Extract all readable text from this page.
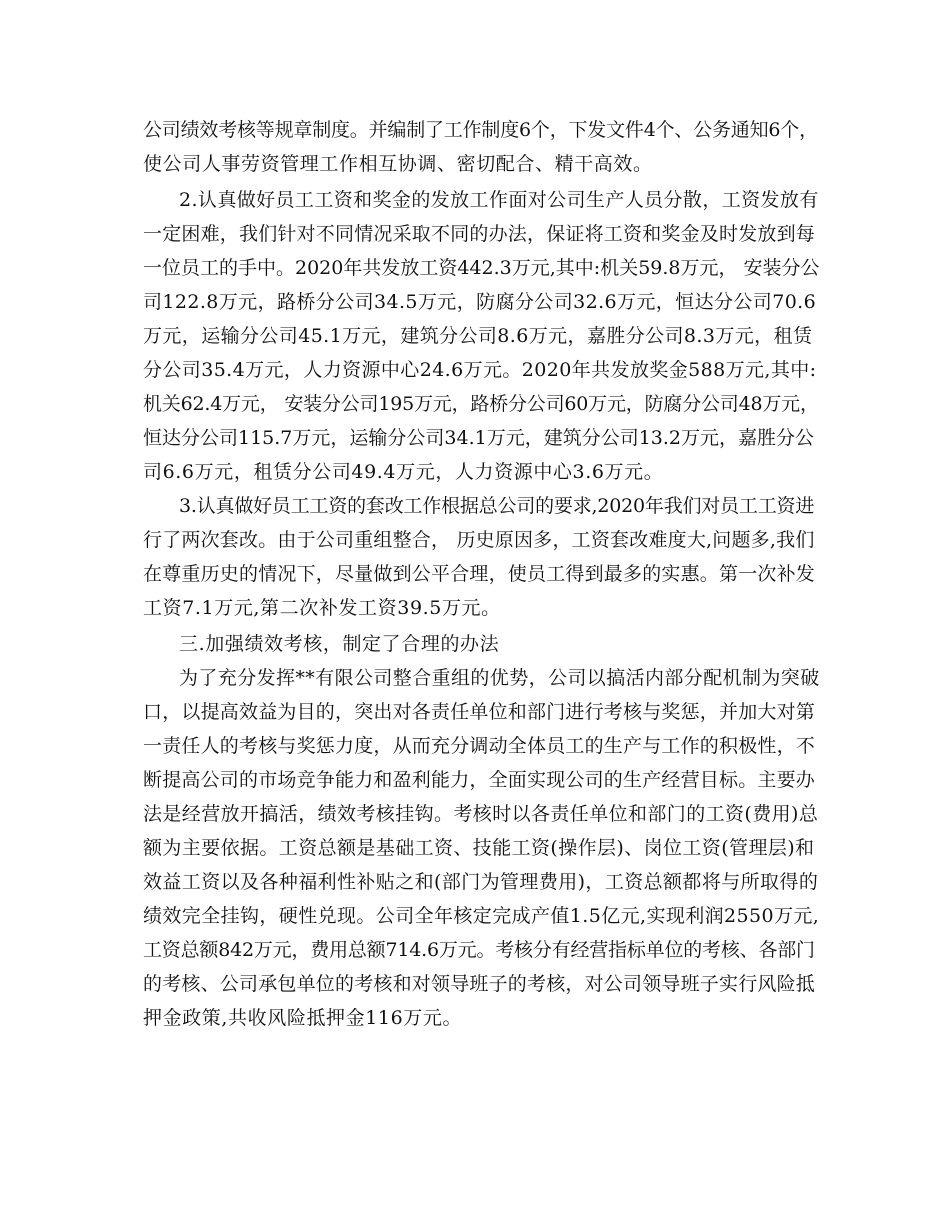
公司绩效考核等规章制度。并编制了工作制度6个，下发文件4个、公务通知6个，
使公司人事劳资管理工作相互协调、密切配合、精干高效。
2.认真做好员工工资和奖金的发放工作面对公司生产人员分散，工资发放有
一定困难，我们针对不同情况采取不同的办法，保证将工资和奖金及时发放到每
一位员工的手中。2020年共发放工资442.3万元,其中:机关59.8万元， 安装分公
司122.8万元，路桥分公司34.5万元，防腐分公司32.6万元，恒达分公司70.6
万元，运输分公司45.1万元，建筑分公司8.6万元，嘉胜分公司8.3万元，租赁
分公司35.4万元，人力资源中心24.6万元。2020年共发放奖金588万元,其中:
机关62.4万元， 安装分公司195万元，路桥分公司60万元，防腐分公司48万元，
恒达分公司115.7万元，运输分公司34.1万元，建筑分公司13.2万元，嘉胜分公
司6.6万元，租赁分公司49.4万元，人力资源中心3.6万元。
3.认真做好员工工资的套改工作根据总公司的要求,2020年我们对员工工资进
行了两次套改。由于公司重组整合， 历史原因多，工资套改难度大,问题多,我们
在尊重历史的情况下，尽量做到公平合理，使员工得到最多的实惠。第一次补发
工资7.1万元,第二次补发工资39.5万元。
三.加强绩效考核，制定了合理的办法
为了充分发挥**有限公司整合重组的优势，公司以搞活内部分配机制为突破
口，以提高效益为目的，突出对各责任单位和部门进行考核与奖惩，并加大对第
一责任人的考核与奖惩力度，从而充分调动全体员工的生产与工作的积极性，不
断提高公司的市场竞争能力和盈利能力，全面实现公司的生产经营目标。主要办
法是经营放开搞活，绩效考核挂钩。考核时以各责任单位和部门的工资(费用)总
额为主要依据。工资总额是基础工资、技能工资(操作层)、岗位工资(管理层)和
效益工资以及各种福利性补贴之和(部门为管理费用)，工资总额都将与所取得的
绩效完全挂钩，硬性兑现。公司全年核定完成产值1.5亿元,实现利润2550万元,
工资总额842万元，费用总额714.6万元。考核分有经营指标单位的考核、各部门
的考核、公司承包单位的考核和对领导班子的考核，对公司领导班子实行风险抵
押金政策,共收风险抵押金116万元。
